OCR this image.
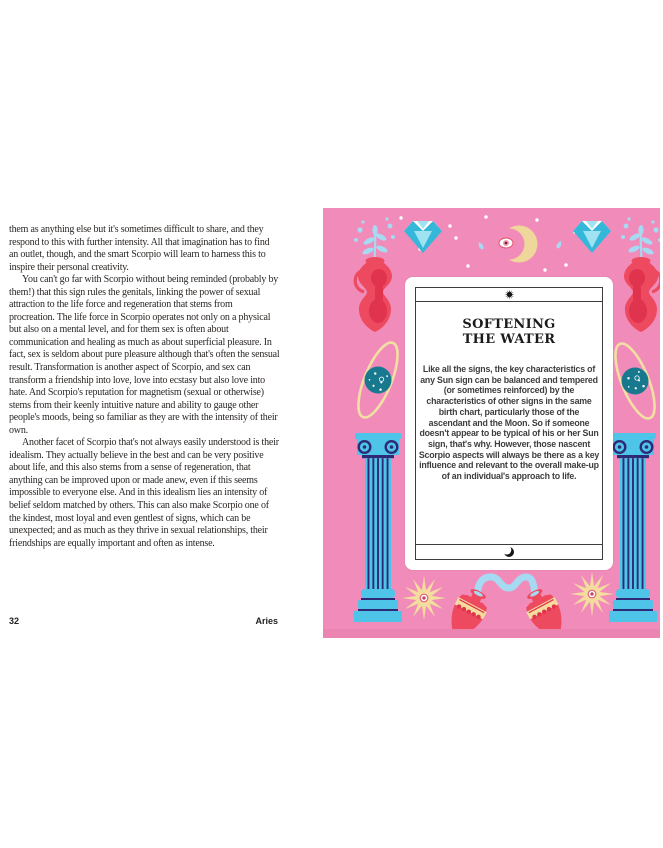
them as anything else but it's sometimes difficult to share, and they respond to this with further intensity. All that imagination has to find an outlet, though, and the smart Scorpio will learn to harness this to inspire their personal creativity.

You can't go far with Scorpio without being reminded (probably by them!) that this sign rules the genitals, linking the power of sexual attraction to the life force and regeneration that stems from procreation. The life force in Scorpio operates not only on a physical but also on a mental level, and for them sex is often about communication and healing as much as about superficial pleasure. In fact, sex is seldom about pure pleasure although that's often the sensual result. Transformation is another aspect of Scorpio, and sex can transform a friendship into love, love into ecstasy but also love into hate. And Scorpio's reputation for magnetism (sexual or otherwise) stems from their keenly intuitive nature and ability to gauge other people's moods, being so familiar as they are with the intensity of their own.

Another facet of Scorpio that's not always easily understood is their idealism. They actually believe in the best and can be very positive about life, and this also stems from a sense of regeneration, that anything can be improved upon or made anew, even if this seems impossible to everyone else. And in this idealism lies an intensity of belief seldom matched by others. This can also make Scorpio one of the kindest, most loyal and even gentlest of signs, which can be unexpected; and as much as they thrive in sexual relationships, their friendships are equally important and often as intense.

32	Aries
SOFTENING
THE WATER

Like all the signs, the key characteristics of any Sun sign can be balanced and tempered (or sometimes reinforced) by the characteristics of other signs in the same birth chart, particularly those of the ascendant and the Moon. So if someone doesn't appear to be typical of his or her Sun sign, that's why. However, those nascent Scorpio aspects will always be there as a key influence and relevant to the overall make-up of an individual's approach to life.
